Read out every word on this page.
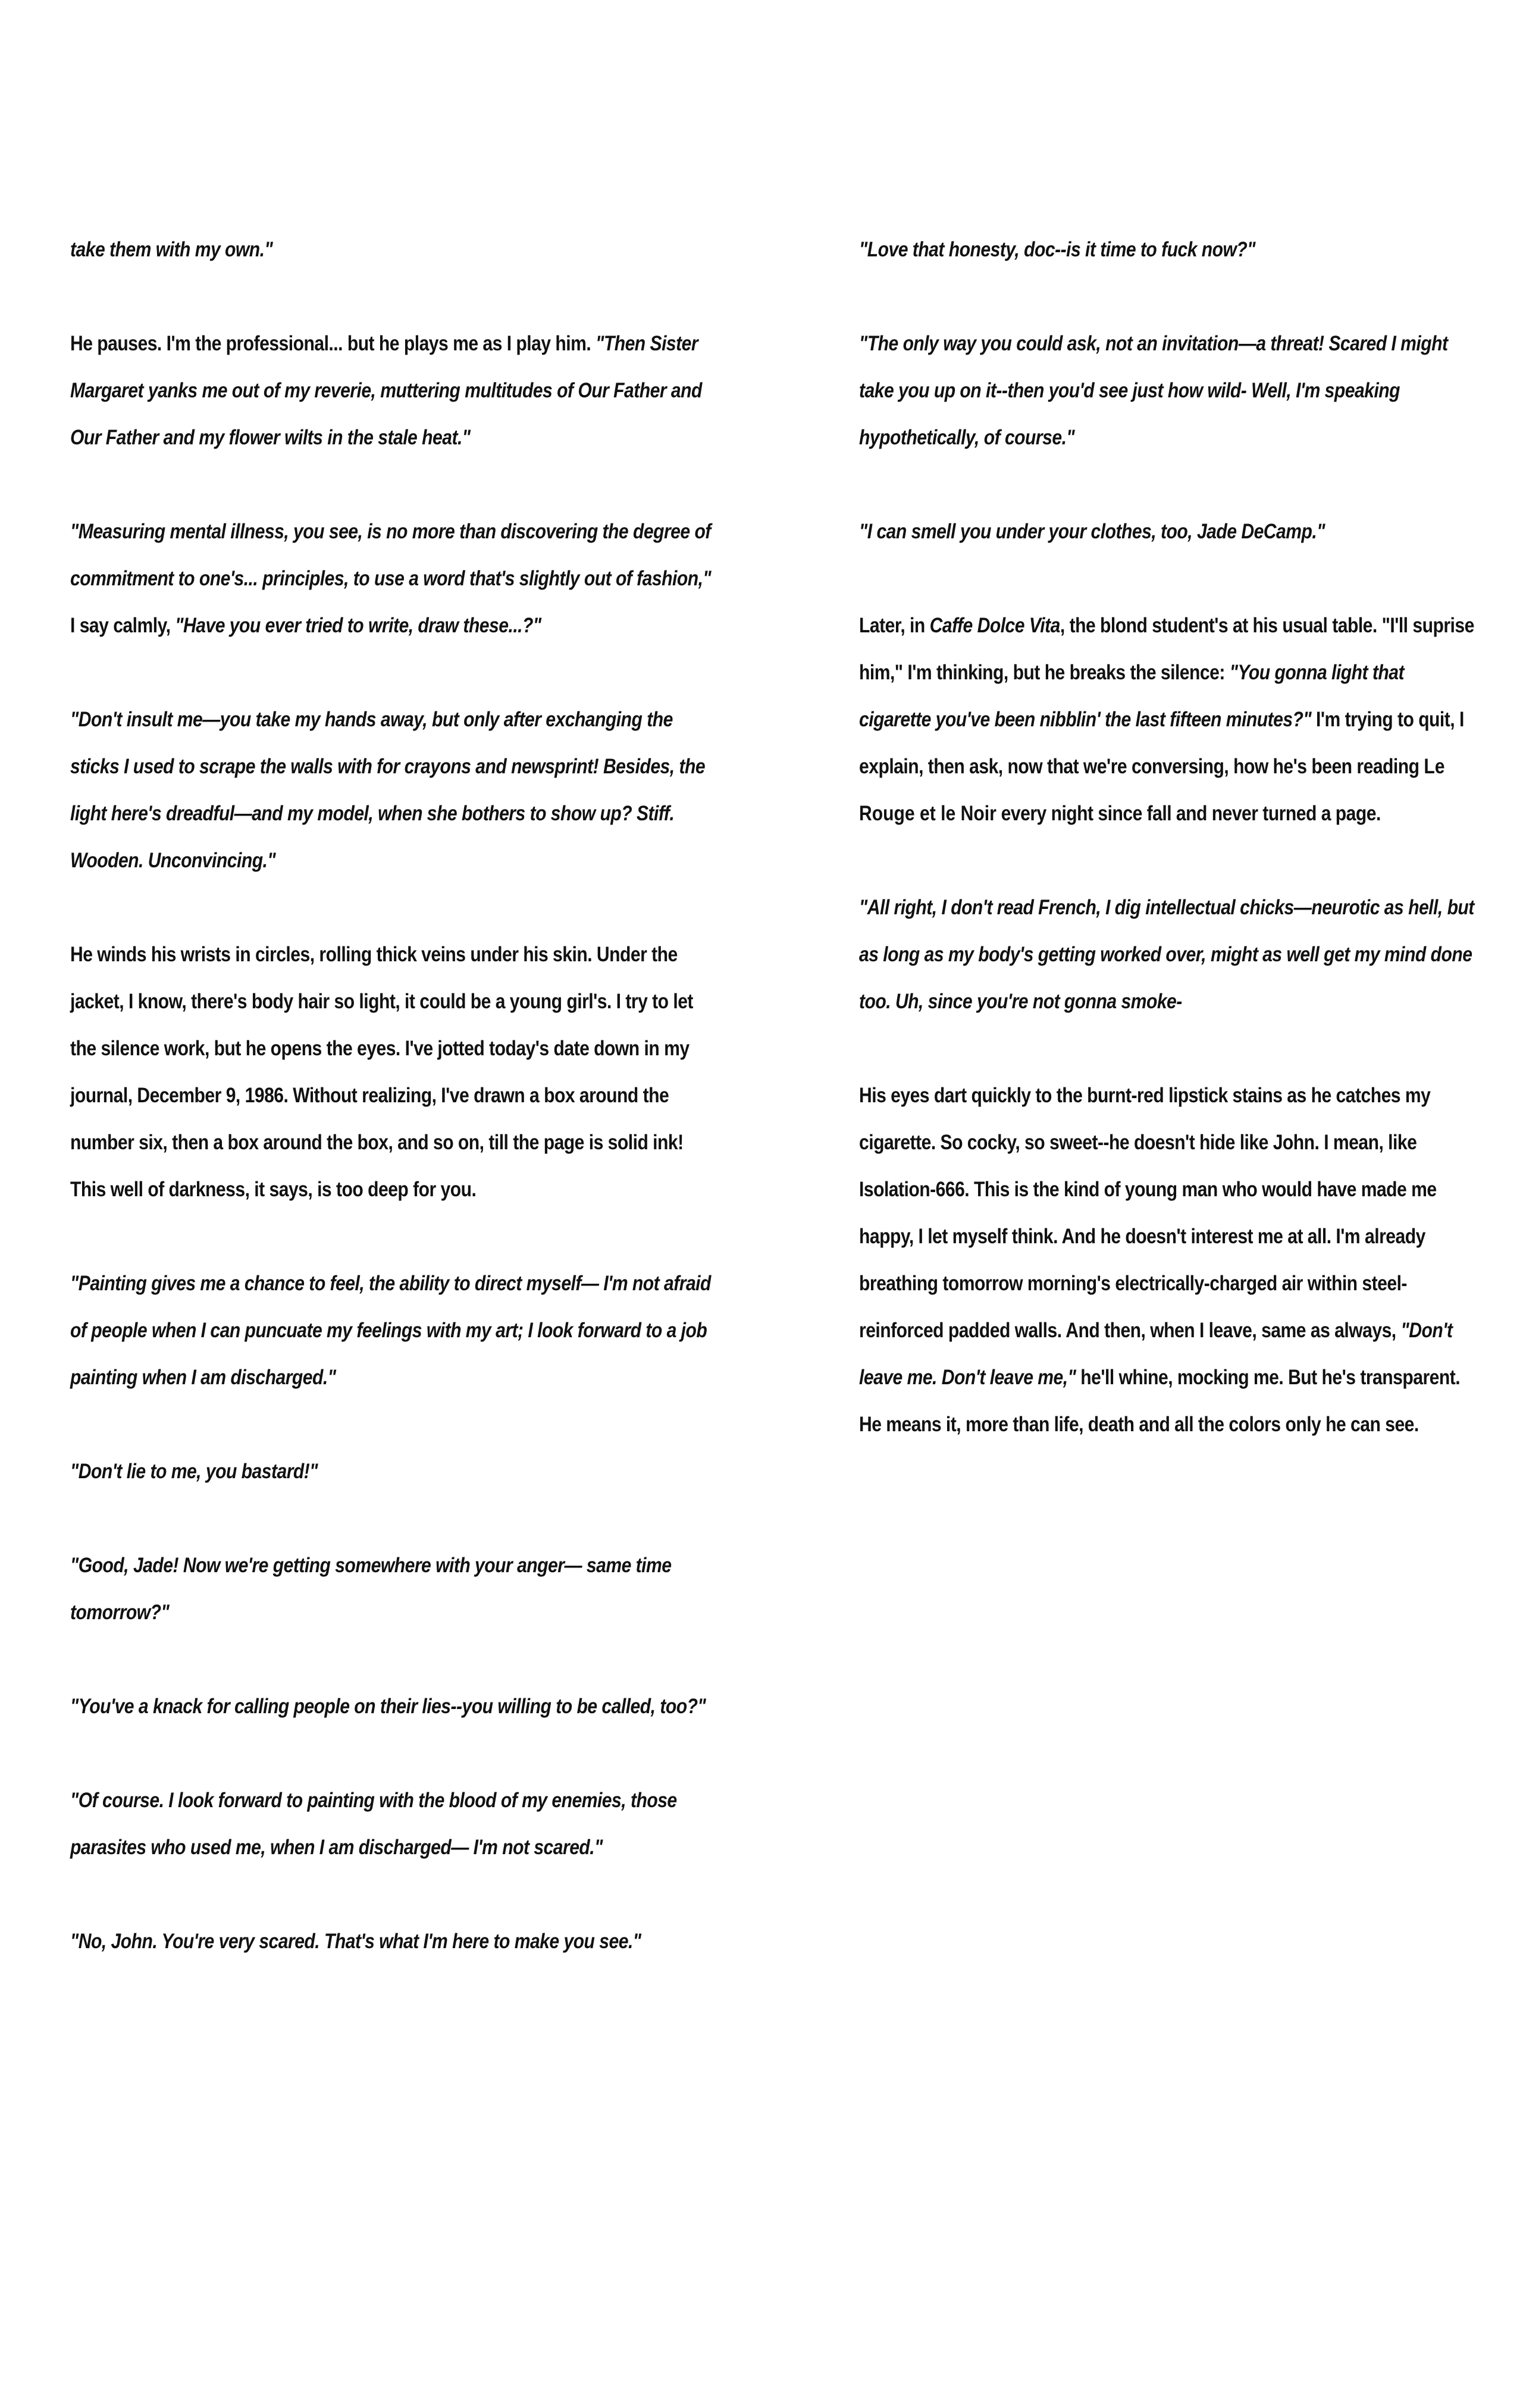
take them with my own."

He pauses. I'm the professional... but he plays me as I play him. "Then Sister Margaret yanks me out of my reverie, muttering multitudes of Our Father and Our Father and my flower wilts in the stale heat."

"Measuring mental illness, you see, is no more than discovering the degree of commitment to one's... principles, to use a word that's slightly out of fashion," I say calmly, "Have you ever tried to write, draw these...?"

"Don't insult me—you take my hands away, but only after exchanging the sticks I used to scrape the walls with for crayons and newsprint! Besides, the light here's dreadful—and my model, when she bothers to show up? Stiff. Wooden. Unconvincing."

He winds his wrists in circles, rolling thick veins under his skin. Under the jacket, I know, there's body hair so light, it could be a young girl's. I try to let the silence work, but he opens the eyes. I've jotted today's date down in my journal, December 9, 1986. Without realizing, I've drawn a box around the number six, then a box around the box, and so on, till the page is solid ink! This well of darkness, it says, is too deep for you.

"Painting gives me a chance to feel, the ability to direct myself— I'm not afraid of people when I can puncuate my feelings with my art; I look forward to a job painting when I am discharged."

"Don't lie to me, you bastard!"

"Good, Jade! Now we're getting somewhere with your anger— same time tomorrow?"

"You've a knack for calling people on their lies--you willing to be called, too?"

"Of course. I look forward to painting with the blood of my enemies, those parasites who used me, when I am discharged— I'm not scared."

"No, John. You're very scared. That's what I'm here to make you see."

"Love that honesty, doc--is it time to fuck now?"

"The only way you could ask, not an invitation—a threat! Scared I might take you up on it--then you'd see just how wild- Well, I'm speaking hypothetically, of course."

"I can smell you under your clothes, too, Jade DeCamp."

Later, in Caffe Dolce Vita, the blond student's at his usual table. "I'll suprise him," I'm thinking, but he breaks the silence: "You gonna light that cigarette you've been nibblin' the last fifteen minutes?" I'm trying to quit, I explain, then ask, now that we're conversing, how he's been reading Le Rouge et le Noir every night since fall and never turned a page.

"All right, I don't read French, I dig intellectual chicks—neurotic as hell, but as long as my body's getting worked over, might as well get my mind done too. Uh, since you're not gonna smoke-

His eyes dart quickly to the burnt-red lipstick stains as he catches my cigarette. So cocky, so sweet--he doesn't hide like John. I mean, like Isolation-666. This is the kind of young man who would have made me happy, I let myself think. And he doesn't interest me at all. I'm already breathing tomorrow morning's electrically-charged air within steel-reinforced padded walls. And then, when I leave, same as always, "Don't leave me. Don't leave me," he'll whine, mocking me. But he's transparent. He means it, more than life, death and all the colors only he can see.
